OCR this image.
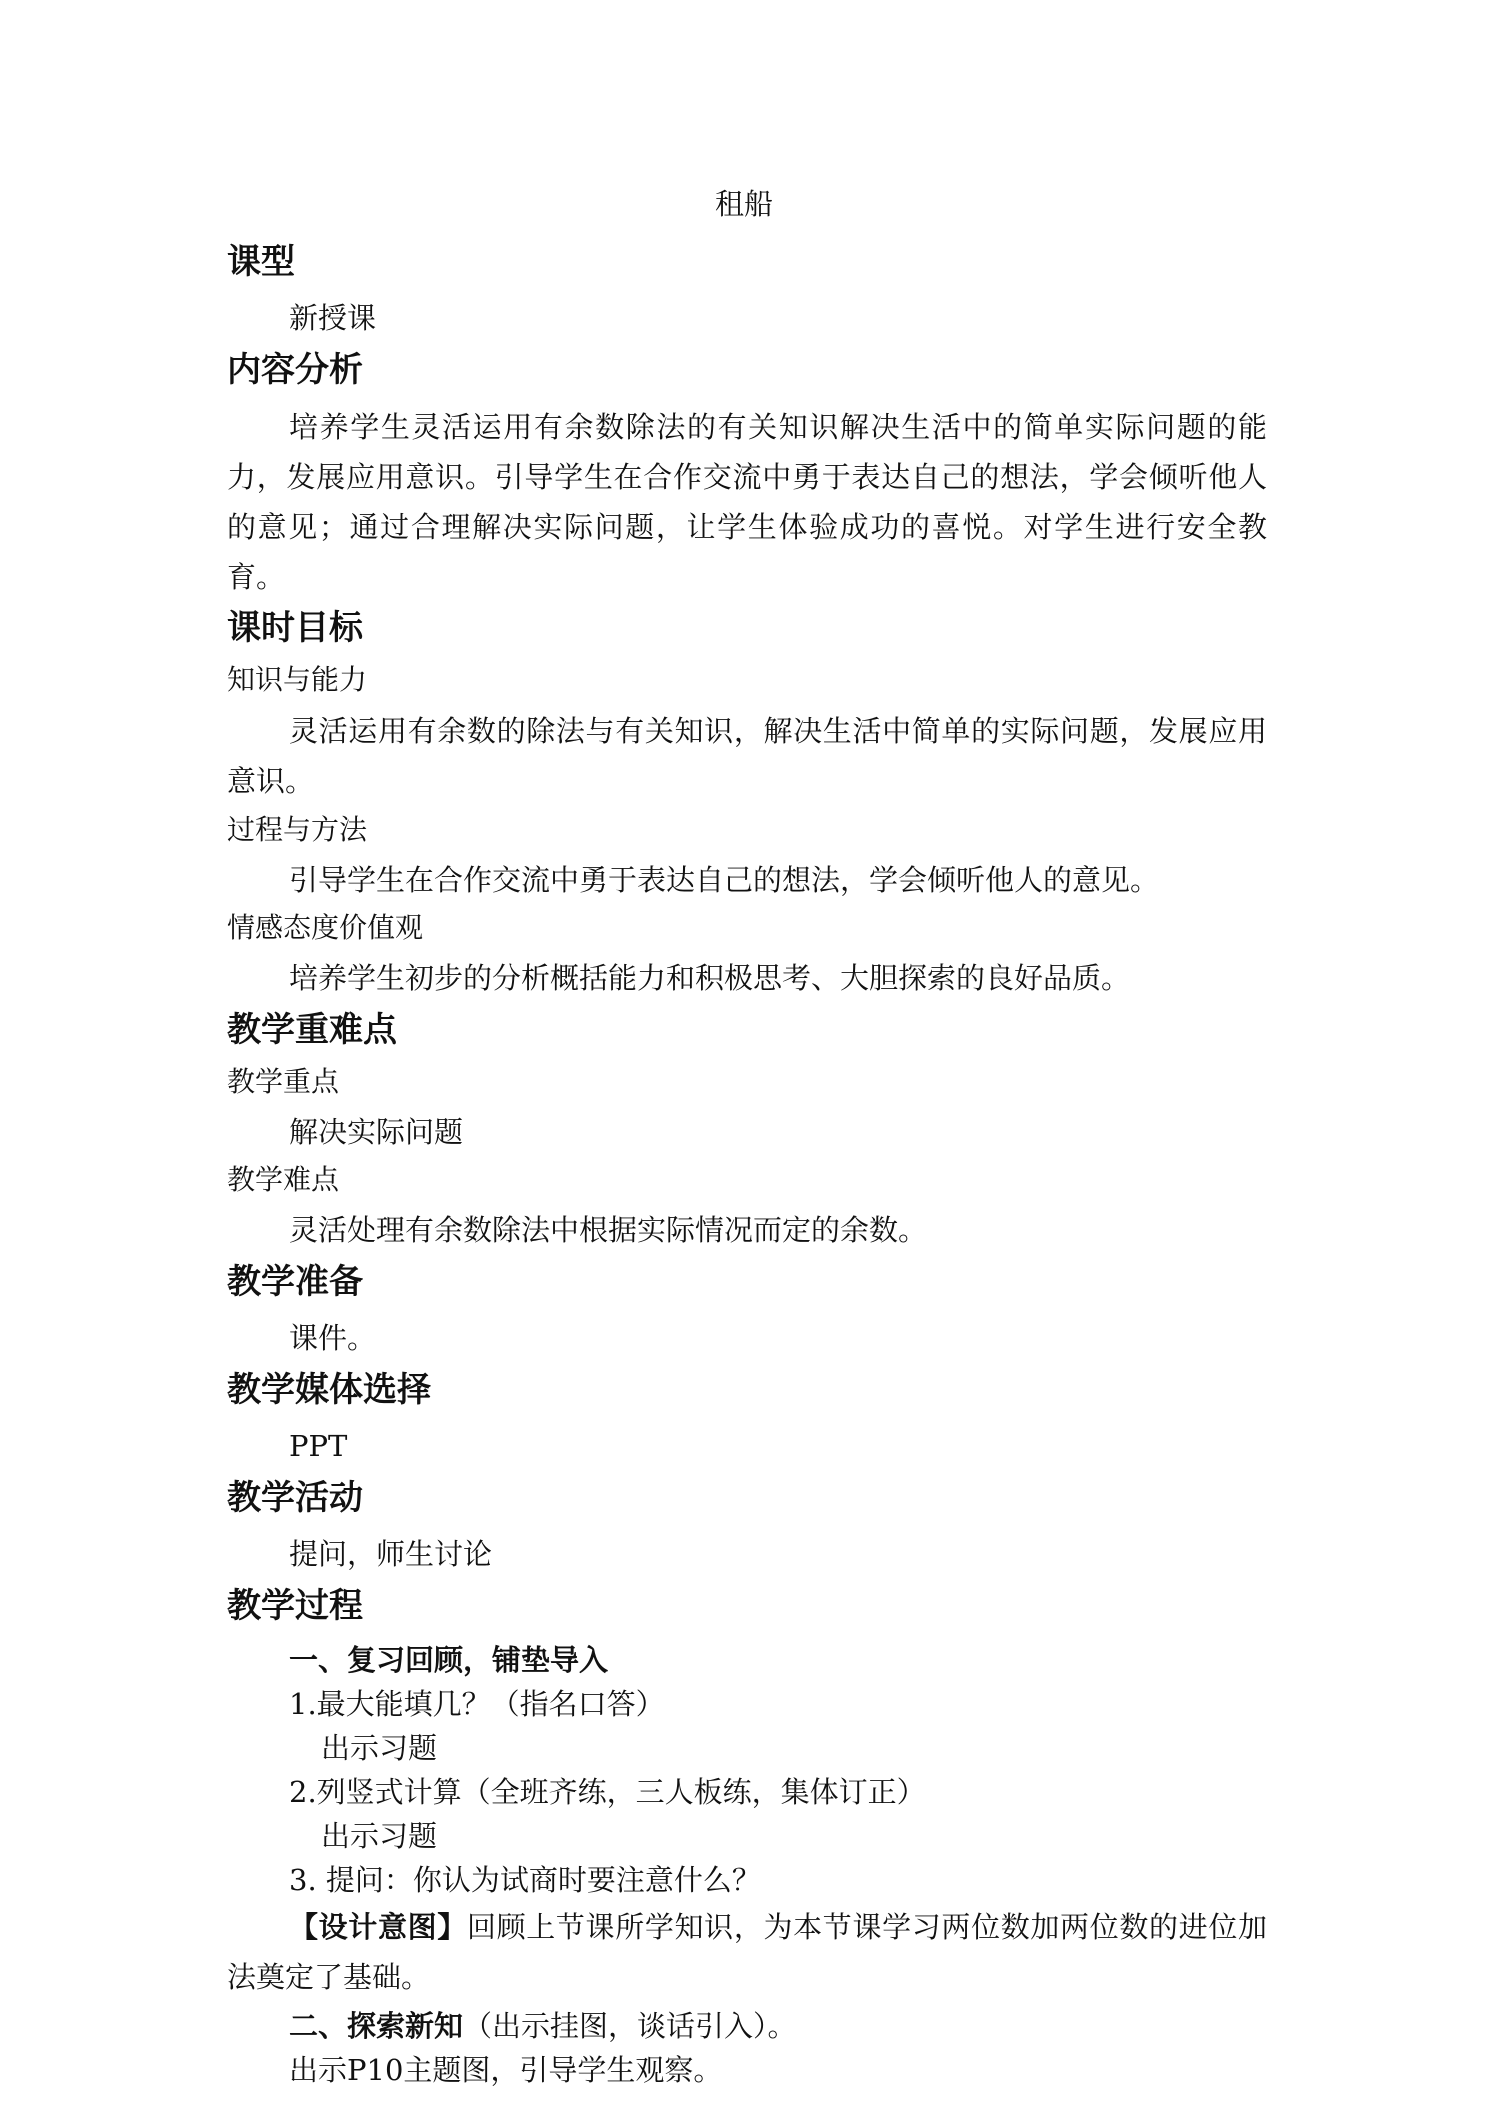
租船
课型
新授课
内容分析
培养学生灵活运用有余数除法的有关知识解决生活中的简单实际问题的能力，发展应用意识。引导学生在合作交流中勇于表达自己的想法，学会倾听他人的意见；通过合理解决实际问题，让学生体验成功的喜悦。对学生进行安全教育。
课时目标
知识与能力
灵活运用有余数的除法与有关知识，解决生活中简单的实际问题，发展应用意识。
过程与方法
引导学生在合作交流中勇于表达自己的想法，学会倾听他人的意见。
情感态度价值观
培养学生初步的分析概括能力和积极思考、大胆探索的良好品质。
教学重难点
教学重点
解决实际问题
教学难点
灵活处理有余数除法中根据实际情况而定的余数。
教学准备
课件。
教学媒体选择
PPT
教学活动
提问，师生讨论
教学过程
一、复习回顾，铺垫导入
1.最大能填几？（指名口答）
出示习题
2.列竖式计算（全班齐练，三人板练，集体订正）
出示习题
3. 提问：你认为试商时要注意什么？
【设计意图】回顾上节课所学知识，为本节课学习两位数加两位数的进位加法奠定了基础。
二、探索新知（出示挂图，谈话引入）。
出示P10主题图，引导学生观察。
